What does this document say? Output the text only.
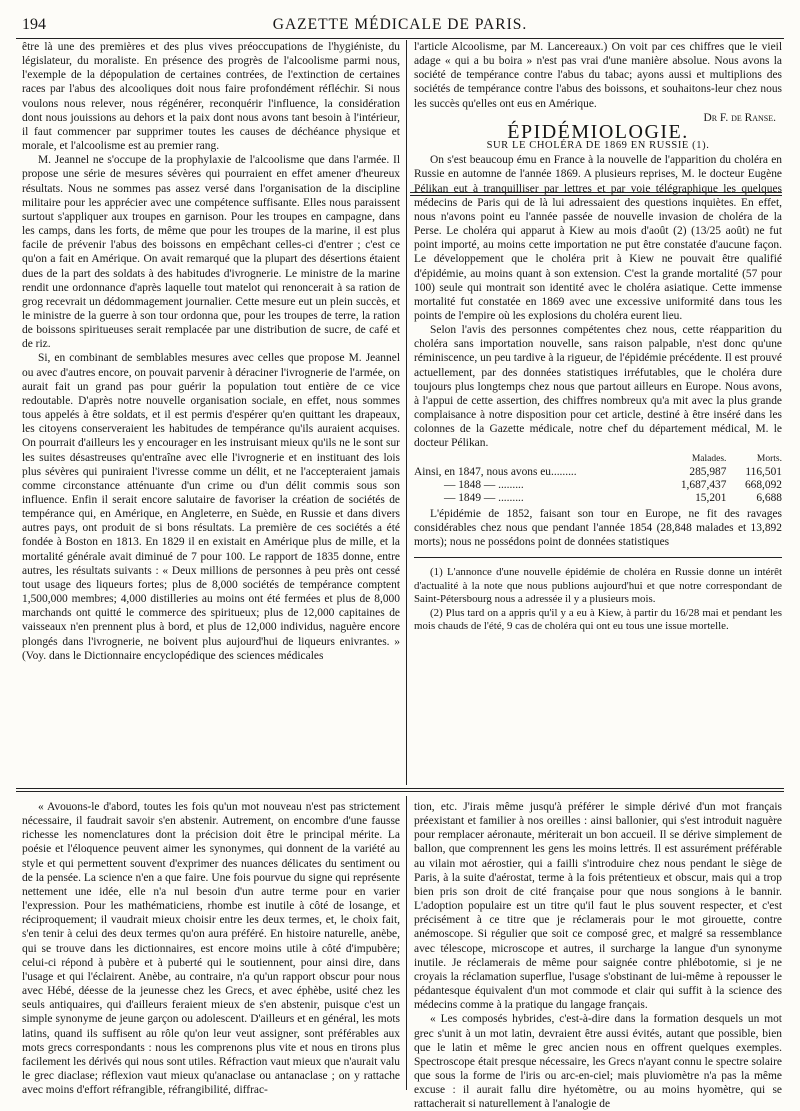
194	GAZETTE MÉDICALE DE PARIS.

être là une des premières et des plus vives préoccupations de l'hygiéniste, du législateur, du moraliste. En présence des progrès de l'alcoolisme parmi nous, l'exemple de la dépopulation de certaines contrées, de l'extinction de certaines races par l'abus des alcooliques doit nous faire profondément réfléchir. Si nous voulons nous relever, nous régénérer, reconquérir l'influence, la considération dont nous jouissions au dehors et la paix dont nous avons tant besoin à l'intérieur, il faut commencer par supprimer toutes les causes de déchéance physique et morale, et l'alcoolisme est au premier rang.

M. Jeannel ne s'occupe de la prophylaxie de l'alcoolisme que dans l'armée. Il propose une série de mesures sévères qui pourraient en effet amener d'heureux résultats. Nous ne sommes pas assez versé dans l'organisation de la discipline militaire pour les apprécier avec une compétence suffisante. Elles nous paraissent surtout s'appliquer aux troupes en garnison. Pour les troupes en campagne, dans les camps, dans les forts, de même que pour les troupes de la marine, il est plus facile de prévenir l'abus des boissons en empêchant celles-ci d'entrer ; c'est ce qu'on a fait en Amérique. On avait remarqué que la plupart des désertions étaient dues de la part des soldats à des habitudes d'ivrognerie. Le ministre de la marine rendit une ordonnance d'après laquelle tout matelot qui renoncerait à sa ration de grog recevrait un dédommagement journalier. Cette mesure eut un plein succès, et le ministre de la guerre à son tour ordonna que, pour les troupes de terre, la ration de boissons spiritueuses serait remplacée par une distribution de sucre, de café et de riz.

Si, en combinant de semblables mesures avec celles que propose M. Jeannel ou avec d'autres encore, on pouvait parvenir à déraciner l'ivrognerie de l'armée, on aurait fait un grand pas pour guérir la population tout entière de ce vice redoutable. D'après notre nouvelle organisation sociale, en effet, nous sommes tous appelés à être soldats, et il est permis d'espérer qu'en quittant les drapeaux, les citoyens conserveraient les habitudes de tempérance qu'ils auraient acquises. On pourrait d'ailleurs les y encourager en les instruisant mieux qu'ils ne le sont sur les suites désastreuses qu'entraîne avec elle l'ivrognerie et en instituant des lois plus sévères qui puniraient l'ivresse comme un délit, et ne l'accepteraient jamais comme circonstance atténuante d'un crime ou d'un délit commis sous son influence. Enfin il serait encore salutaire de favoriser la création de sociétés de tempérance qui, en Amérique, en Angleterre, en Suède, en Russie et dans divers autres pays, ont produit de si bons résultats. La première de ces sociétés a été fondée à Boston en 1813. En 1829 il en existait en Amérique plus de mille, et la mortalité générale avait diminué de 7 pour 100. Le rapport de 1835 donne, entre autres, les résultats suivants : « Deux millions de personnes à peu près ont cessé tout usage des liqueurs fortes; plus de 8,000 sociétés de tempérance comptent 1,500,000 membres; 4,000 distilleries au moins ont été fermées et plus de 8,000 marchands ont quitté le commerce des spiritueux; plus de 12,000 capitaines de vaisseaux n'en prennent plus à bord, et plus de 12,000 individus, naguère encore plongés dans l'ivrognerie, ne boivent plus aujourd'hui de liqueurs enivrantes. » (Voy. dans le Dictionnaire encyclopédique des sciences médicales

l'article Alcoolisme, par M. Lancereaux.) On voit par ces chiffres que le vieil adage « qui a bu boira » n'est pas vrai d'une manière absolue. Nous avons la société de tempérance contre l'abus du tabac; ayons aussi et multiplions des sociétés de tempérance contre l'abus des boissons, et souhaitons-leur chez nous les succès qu'elles ont eus en Amérique.

Dr F. de Ranse.

ÉPIDÉMIOLOGIE.

SUR LE CHOLÉRA DE 1869 EN RUSSIE (1).

On s'est beaucoup ému en France à la nouvelle de l'apparition du choléra en Russie en automne de l'année 1869. A plusieurs reprises, M. le docteur Eugène Pélikan eut à tranquilliser par lettres et par voie télégraphique les quelques médecins de Paris qui de là lui adressaient des questions inquiètes. En effet, nous n'avons point eu l'année passée de nouvelle invasion de choléra de la Perse. Le choléra qui apparut à Kiew au mois d'août (2) (13/25 août) ne fut point importé, au moins cette importation ne put être constatée d'aucune façon. Le développement que le choléra prit à Kiew ne pouvait être qualifié d'épidémie, au moins quant à son extension. C'est la grande mortalité (57 pour 100) seule qui montrait son identité avec le choléra asiatique. Cette immense mortalité fut constatée en 1869 avec une excessive uniformité dans tous les points de l'empire où les explosions du choléra eurent lieu.

Selon l'avis des personnes compétentes chez nous, cette réapparition du choléra sans importation nouvelle, sans raison palpable, n'est donc qu'une réminiscence, un peu tardive à la rigueur, de l'épidémie précédente. Il est prouvé actuellement, par des données statistiques irréfutables, que le choléra dure toujours plus longtemps chez nous que partout ailleurs en Europe. Nous avons, à l'appui de cette assertion, des chiffres nombreux qu'a mit avec la plus grande complaisance à notre disposition pour cet article, destiné à être inséré dans les colonnes de la Gazette médicale, notre chef du département médical, M. le docteur Pélikan.

	Malades.	Morts.
Ainsi, en 1847, nous avons eu.........	285,987	116,501
— 1848 — .........	1,687,437	668,092
— 1849 — .........	15,201	6,688

L'épidémie de 1852, faisant son tour en Europe, ne fit des ravages considérables chez nous que pendant l'année 1854 (28,848 malades et 13,892 morts); nous ne possédons point de données statistiques

(1) L'annonce d'une nouvelle épidémie de choléra en Russie donne un intérêt d'actualité à la note que nous publions aujourd'hui et que notre correspondant de Saint-Pétersbourg nous a adressée il y a plusieurs mois.

(2) Plus tard on a appris qu'il y a eu à Kiew, à partir du 16/28 mai et pendant les mois chauds de l'été, 9 cas de choléra qui ont eu tous une issue mortelle.

« Avouons-le d'abord, toutes les fois qu'un mot nouveau n'est pas strictement nécessaire, il faudrait savoir s'en abstenir. Autrement, on encombre d'une fausse richesse les nomenclatures dont la précision doit être le principal mérite. La poésie et l'éloquence peuvent aimer les synonymes, qui donnent de la variété au style et qui permettent souvent d'exprimer des nuances délicates du sentiment ou de la pensée. La science n'en a que faire. Une fois pourvue du signe qui représente nettement une idée, elle n'a nul besoin d'un autre terme pour en varier l'expression. Pour les mathématiciens, rhombe est inutile à côté de losange, et réciproquement; il vaudrait mieux choisir entre les deux termes, et, le choix fait, s'en tenir à celui des deux termes qu'on aura préféré. En histoire naturelle, anèbe, qui se trouve dans les dictionnaires, est encore moins utile à côté d'impubère; celui-ci répond à pubère et à puberté qui le soutiennent, pour ainsi dire, dans l'usage et qui l'éclairent. Anèbe, au contraire, n'a qu'un rapport obscur pour nous avec Hébé, déesse de la jeunesse chez les Grecs, et avec éphèbe, usité chez les seuls antiquaires, qui d'ailleurs feraient mieux de s'en abstenir, puisque c'est un simple synonyme de jeune garçon ou adolescent. D'ailleurs et en général, les mots latins, quand ils suffisent au rôle qu'on leur veut assigner, sont préférables aux mots grecs correspondants : nous les comprenons plus vite et nous en tirons plus facilement les dérivés qui nous sont utiles. Réfraction vaut mieux que n'aurait valu le grec diaclase; réflexion vaut mieux qu'anaclase ou antanaclase ; on y rattache avec moins d'effort réfrangible, réfrangibilité, diffrac-

tion, etc. J'irais même jusqu'à préférer le simple dérivé d'un mot français préexistant et familier à nos oreilles : ainsi ballonier, qui s'est introduit naguère pour remplacer aéronaute, mériterait un bon accueil. Il se dérive simplement de ballon, que comprennent les gens les moins lettrés. Il est assurément préférable au vilain mot aérostier, qui a failli s'introduire chez nous pendant le siège de Paris, à la suite d'aérostat, terme à la fois prétentieux et obscur, mais qui a trop bien pris son droit de cité française pour que nous songions à le bannir. L'adoption populaire est un titre qu'il faut le plus souvent respecter, et c'est précisément à ce titre que je réclamerais pour le mot girouette, contre anémoscope. Si régulier que soit ce composé grec, et malgré sa ressemblance avec télescope, microscope et autres, il surcharge la langue d'un synonyme inutile. Je réclamerais de même pour saignée contre phlébotomie, si je ne croyais la réclamation superflue, l'usage s'obstinant de lui-même à repousser le pédantesque équivalent d'un mot commode et clair qui suffit à la science des médecins comme à la pratique du langage français.

« Les composés hybrides, c'est-à-dire dans la formation desquels un mot grec s'unit à un mot latin, devraient être aussi évités, autant que possible, bien que le latin et même le grec ancien nous en offrent quelques exemples. Spectroscope était presque nécessaire, les Grecs n'ayant connu le spectre solaire que sous la forme de l'iris ou arc-en-ciel; mais pluviomètre n'a pas la même excuse : il aurait fallu dire hyétomètre, ou au moins hyomètre, qui se rattacherait si naturellement à l'analogie de
